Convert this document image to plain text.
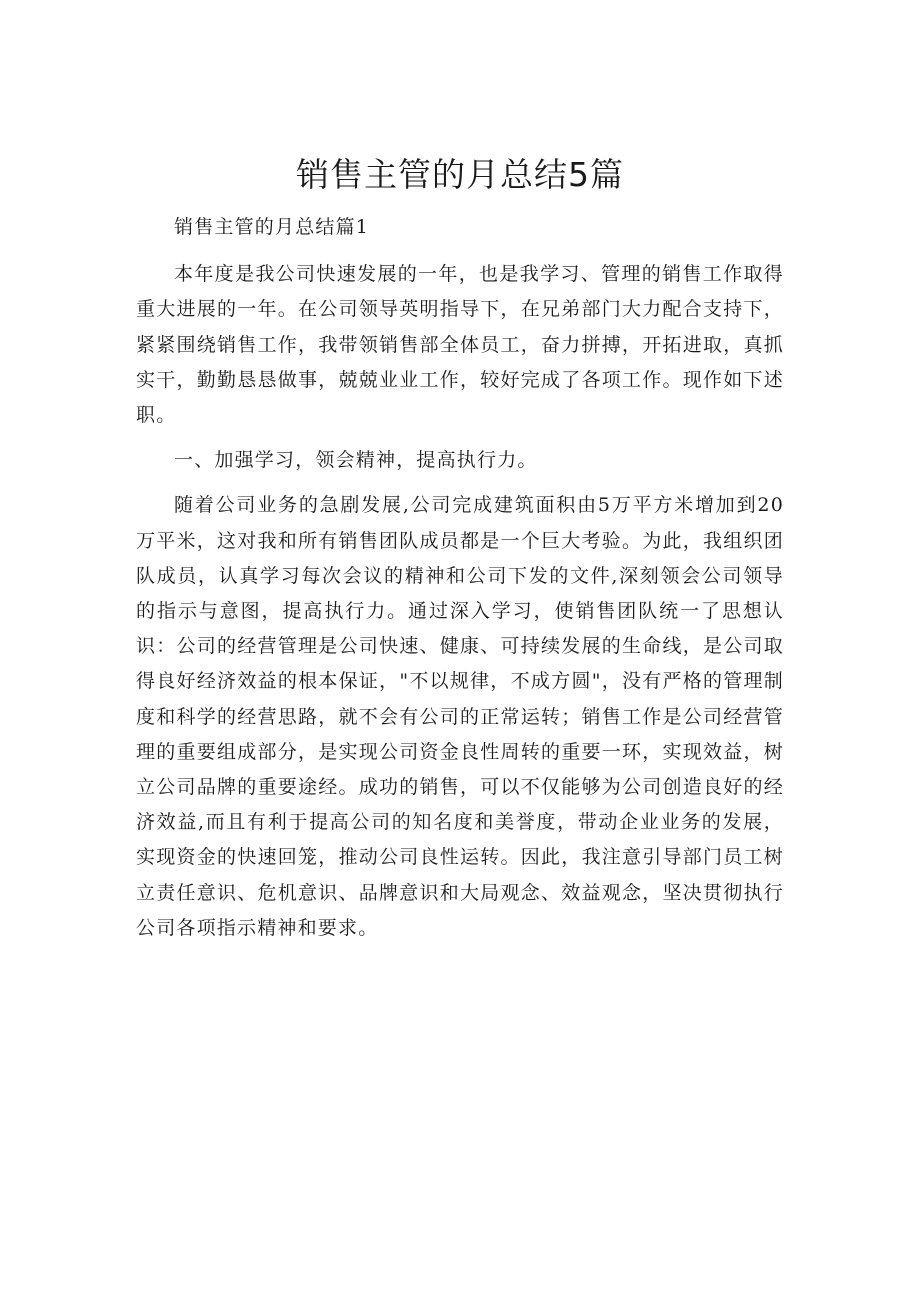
销售主管的月总结5篇

销售主管的月总结篇1

本年度是我公司快速发展的一年，也是我学习、管理的销售工作取得重大进展的一年。在公司领导英明指导下，在兄弟部门大力配合支持下，紧紧围绕销售工作，我带领销售部全体员工，奋力拼搏，开拓进取，真抓实干，勤勤恳恳做事，兢兢业业工作，较好完成了各项工作。现作如下述职。

一、加强学习，领会精神，提高执行力。

随着公司业务的急剧发展,公司完成建筑面积由5万平方米增加到20万平米，这对我和所有销售团队成员都是一个巨大考验。为此，我组织团队成员，认真学习每次会议的精神和公司下发的文件,深刻领会公司领导的指示与意图，提高执行力。通过深入学习，使销售团队统一了思想认识：公司的经营管理是公司快速、健康、可持续发展的生命线，是公司取得良好经济效益的根本保证，"不以规律，不成方圆"，没有严格的管理制度和科学的经营思路，就不会有公司的正常运转；销售工作是公司经营管理的重要组成部分，是实现公司资金良性周转的重要一环，实现效益，树立公司品牌的重要途经。成功的销售，可以不仅能够为公司创造良好的经济效益,而且有利于提高公司的知名度和美誉度，带动企业业务的发展，实现资金的快速回笼，推动公司良性运转。因此，我注意引导部门员工树立责任意识、危机意识、品牌意识和大局观念、效益观念，坚决贯彻执行公司各项指示精神和要求。
